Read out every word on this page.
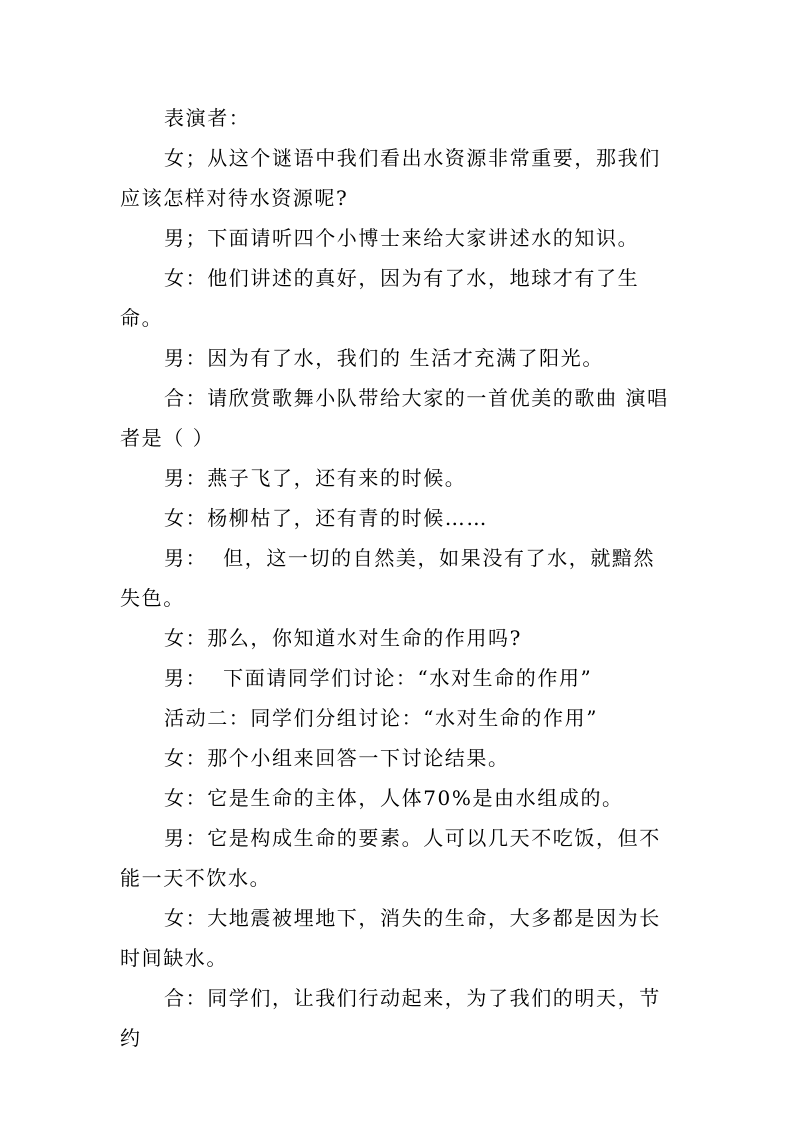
表演者：

女；从这个谜语中我们看出水资源非常重要，那我们应该怎样对待水资源呢?

男；下面请听四个小博士来给大家讲述水的知识。

女：他们讲述的真好，因为有了水，地球才有了生命。

男：因为有了水，我们的 生活才充满了阳光。

合：请欣赏歌舞小队带给大家的一首优美的歌曲 演唱者是（ ）

男：燕子飞了，还有来的时候。

女：杨柳枯了，还有青的时候……

男：  但，这一切的自然美，如果没有了水，就黯然失色。

女：那么，你知道水对生命的作用吗?

男：  下面请同学们讨论：“水对生命的作用”

活动二：同学们分组讨论：“水对生命的作用”

女：那个小组来回答一下讨论结果。

女：它是生命的主体，人体70%是由水组成的。

男：它是构成生命的要素。人可以几天不吃饭，但不能一天不饮水。

女：大地震被埋地下，消失的生命，大多都是因为长时间缺水。

合：同学们，让我们行动起来，为了我们的明天，节约
